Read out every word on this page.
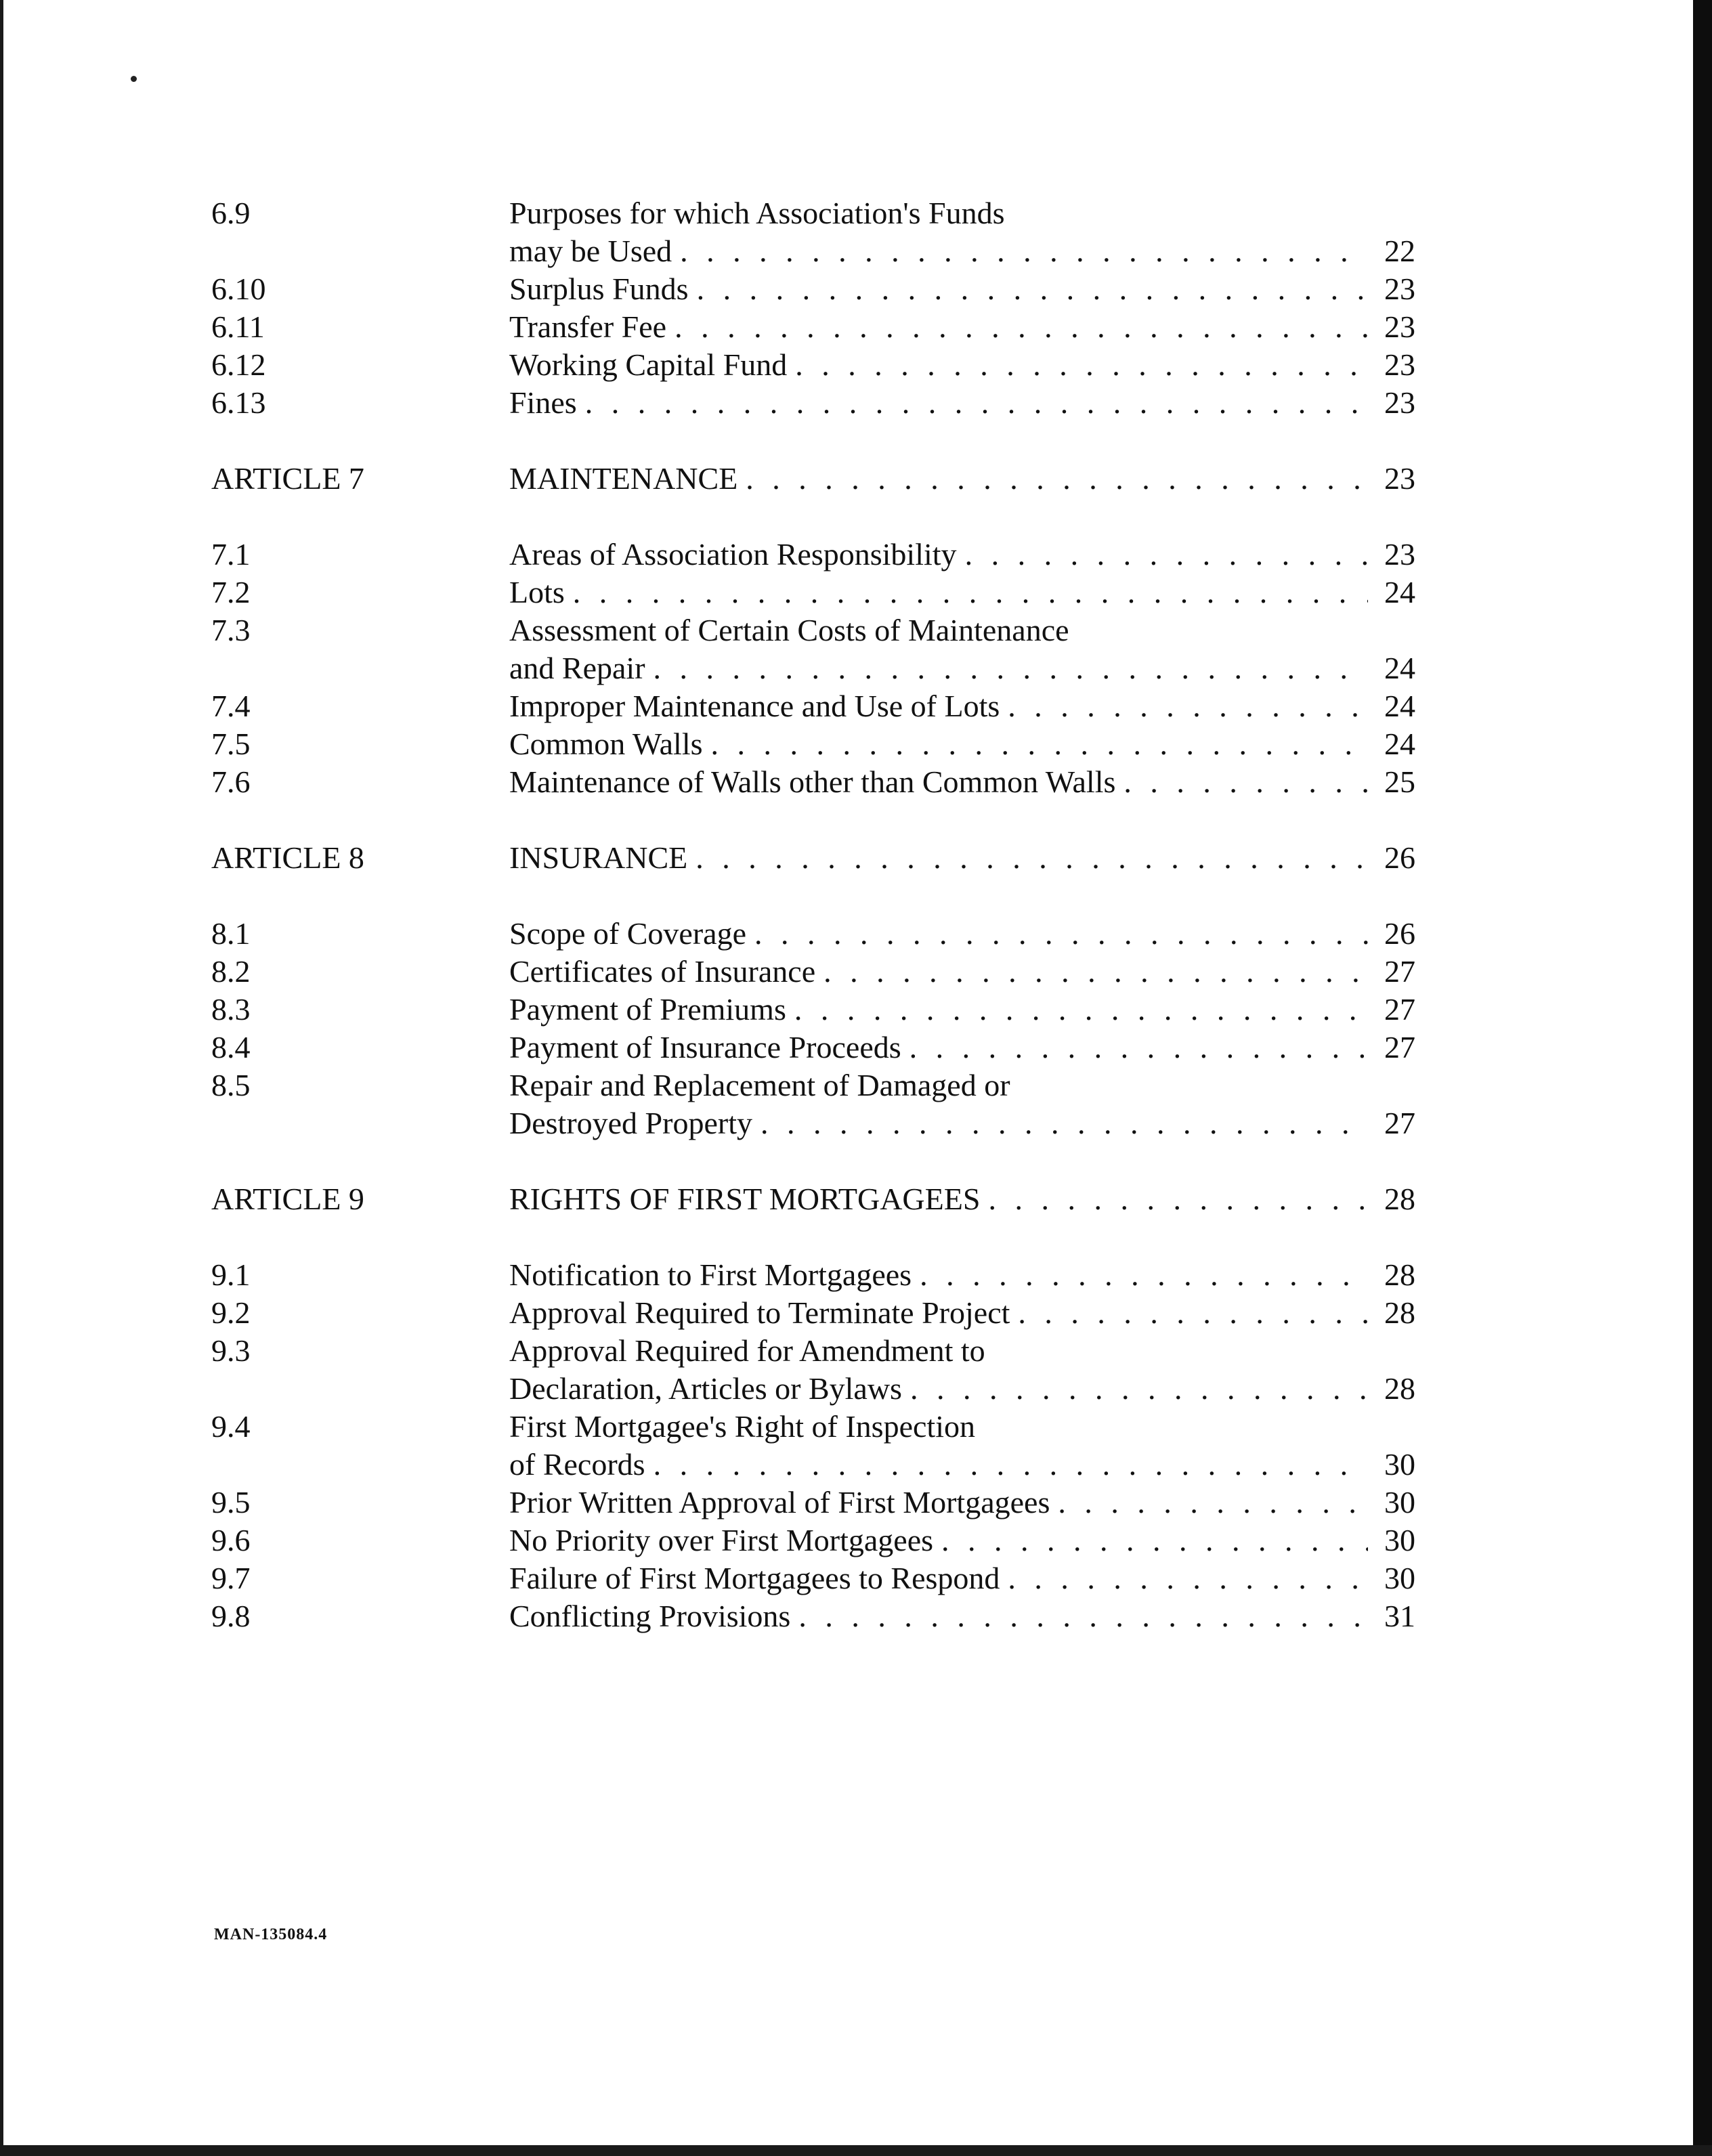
6.9	Purposes for which Association's Funds
may be Used . . .	22
6.10	Surplus Funds . . .	23
6.11	Transfer Fee . . .	23
6.12	Working Capital Fund . . .	23
6.13	Fines . . .	23
ARTICLE 7	MAINTENANCE . . .	23
7.1	Areas of Association Responsibility . . .	23
7.2	Lots . . .	24
7.3	Assessment of Certain Costs of Maintenance
and Repair . . .	24
7.4	Improper Maintenance and Use of Lots . . .	24
7.5	Common Walls . . .	24
7.6	Maintenance of Walls other than Common Walls . . .	25
ARTICLE 8	INSURANCE . . .	26
8.1	Scope of Coverage . . .	26
8.2	Certificates of Insurance . . .	27
8.3	Payment of Premiums . . .	27
8.4	Payment of Insurance Proceeds . . .	27
8.5	Repair and Replacement of Damaged or
Destroyed Property . . .	27
ARTICLE 9	RIGHTS OF FIRST MORTGAGEES . . .	28
9.1	Notification to First Mortgagees . . .	28
9.2	Approval Required to Terminate Project . . .	28
9.3	Approval Required for Amendment to
Declaration, Articles or Bylaws . . .	28
9.4	First Mortgagee's Right of Inspection
of Records . . .	30
9.5	Prior Written Approval of First Mortgagees . . .	30
9.6	No Priority over First Mortgagees . . .	30
9.7	Failure of First Mortgagees to Respond . . .	30
9.8	Conflicting Provisions . . .	31
MAN-135084.4
